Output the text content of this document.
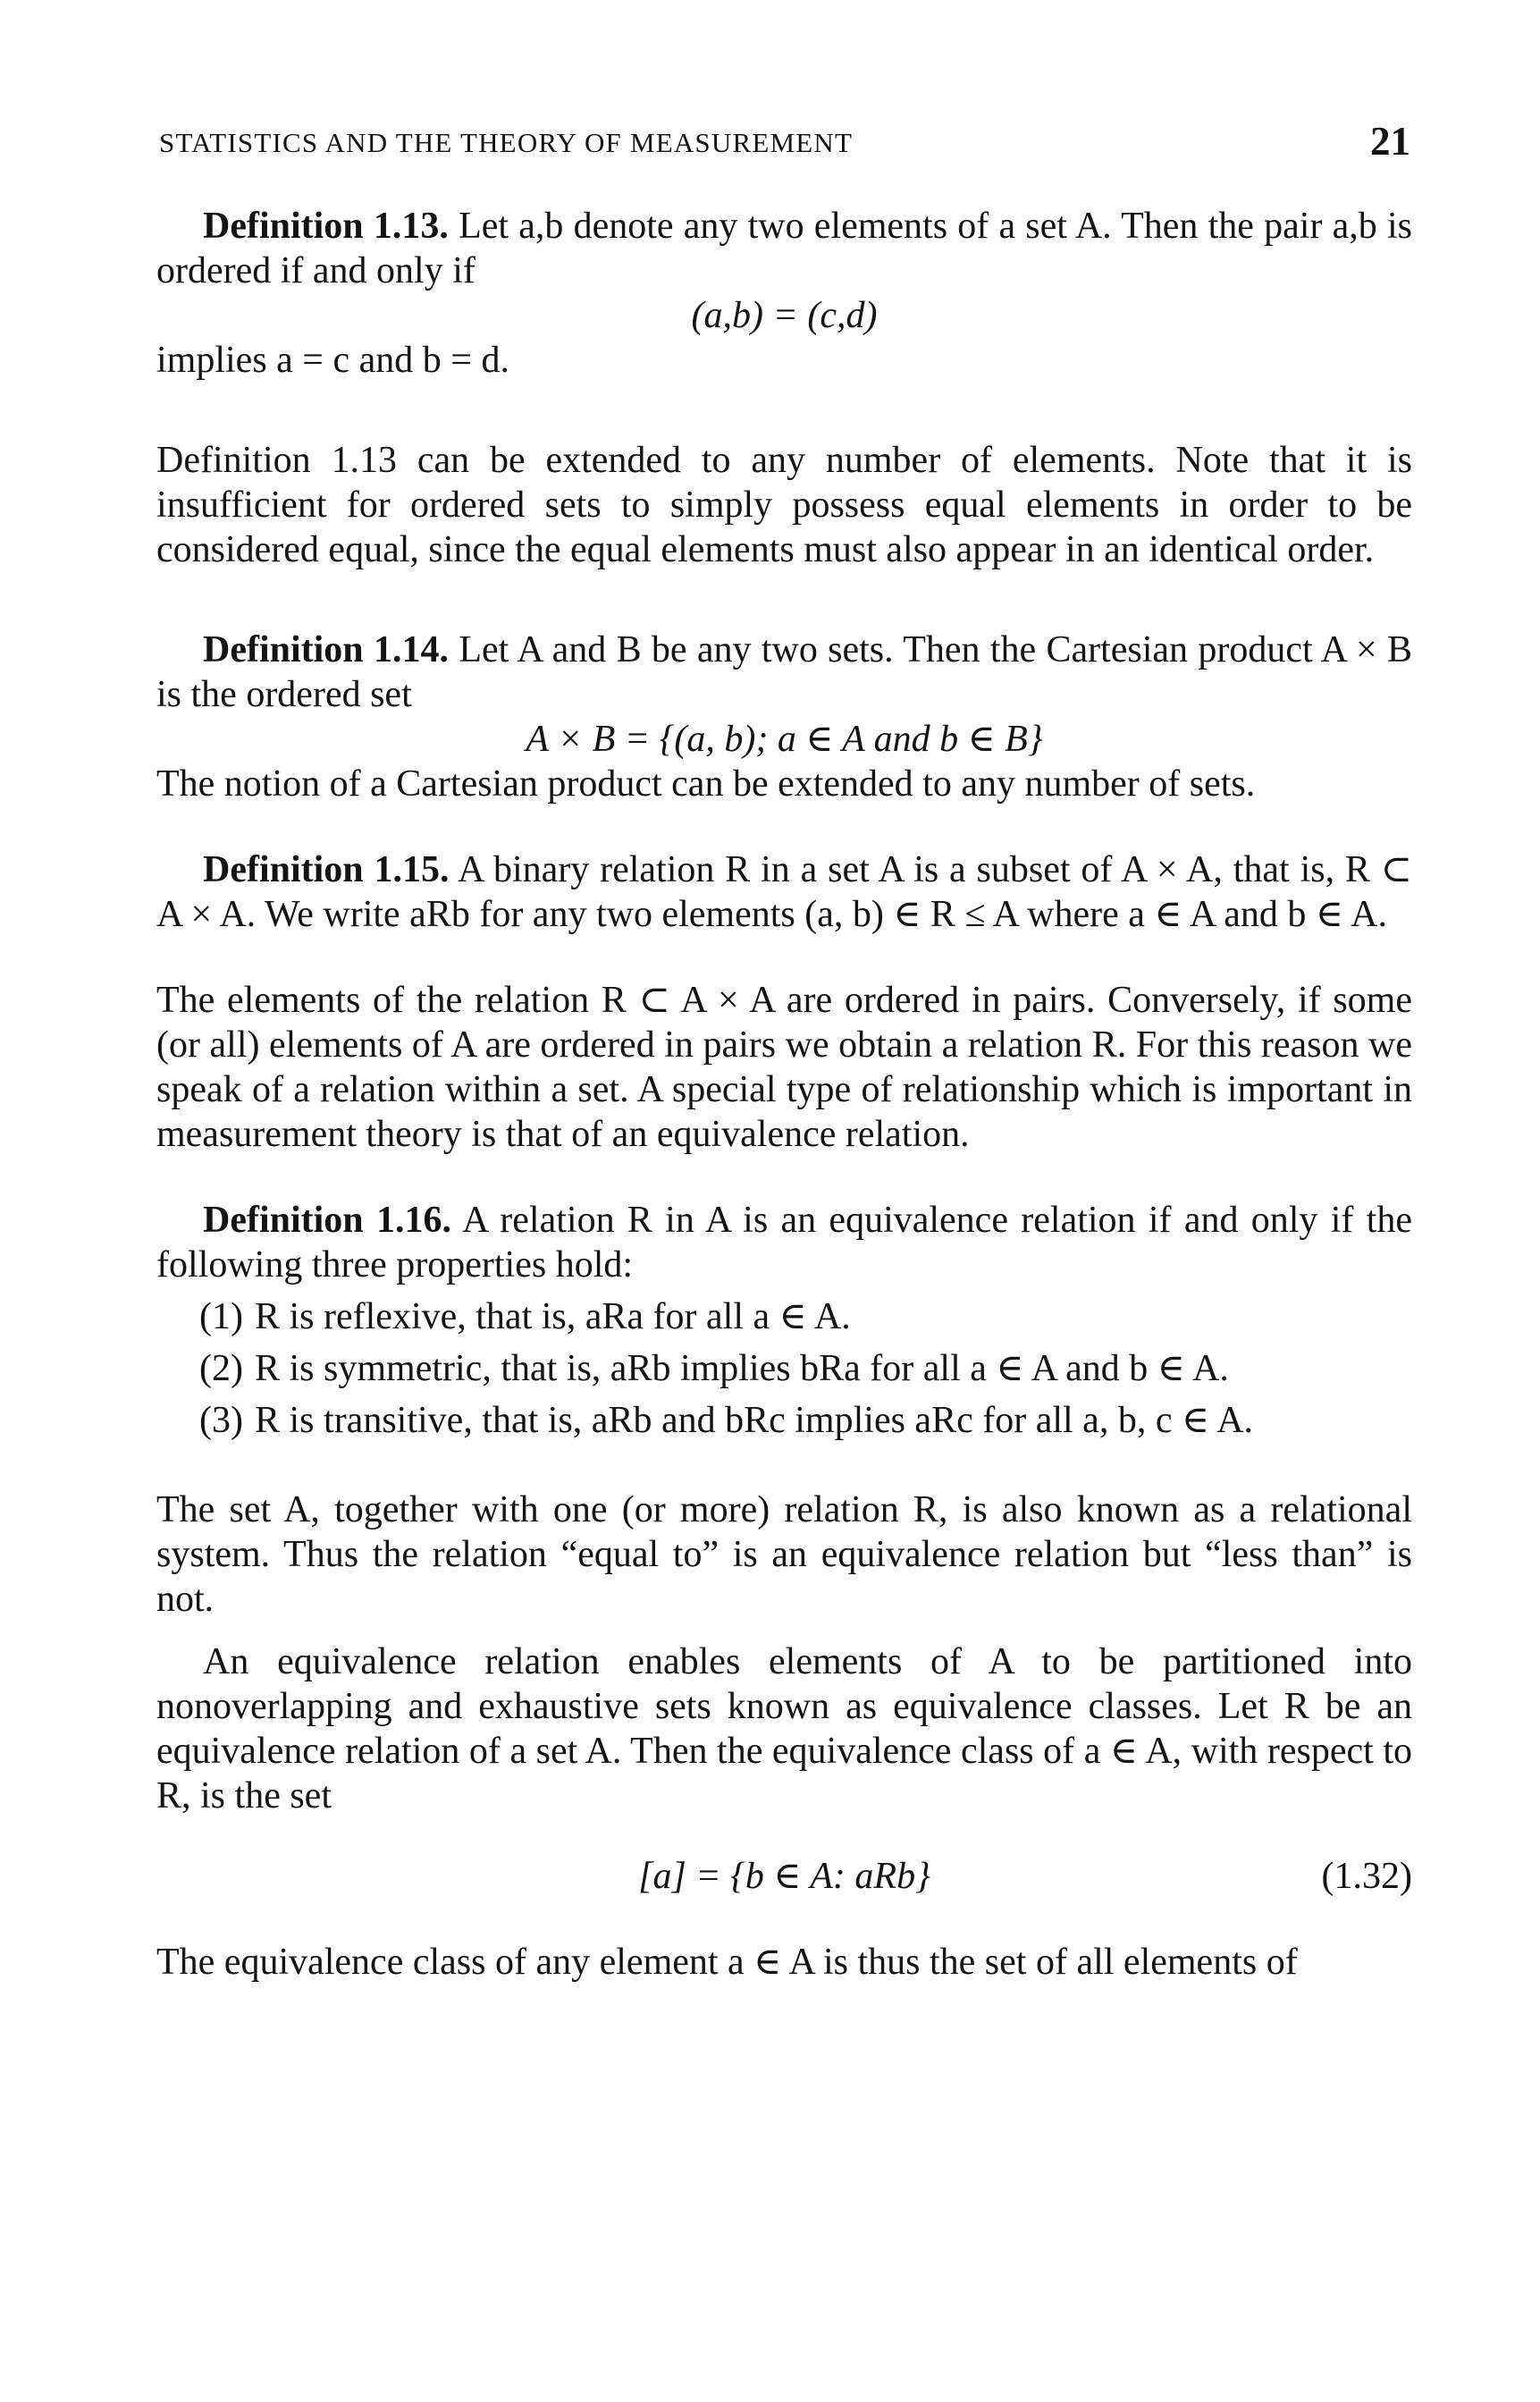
STATISTICS AND THE THEORY OF MEASUREMENT	21

Definition 1.13. Let a,b denote any two elements of a set A. Then the pair a,b is ordered if and only if

(a,b) = (c,d)

implies a = c and b = d.

Definition 1.13 can be extended to any number of elements. Note that it is insufficient for ordered sets to simply possess equal elements in order to be considered equal, since the equal elements must also appear in an identical order.

Definition 1.14. Let A and B be any two sets. Then the Cartesian product A × B is the ordered set

A × B = {(a, b); a ∈ A and b ∈ B}

The notion of a Cartesian product can be extended to any number of sets.

Definition 1.15. A binary relation R in a set A is a subset of A × A, that is, R ⊂ A × A. We write aRb for any two elements (a, b) ∈ R ≤ A where a ∈ A and b ∈ A.

The elements of the relation R ⊂ A × A are ordered in pairs. Conversely, if some (or all) elements of A are ordered in pairs we obtain a relation R. For this reason we speak of a relation within a set. A special type of relationship which is important in measurement theory is that of an equivalence relation.

Definition 1.16. A relation R in A is an equivalence relation if and only if the following three properties hold:

(1) R is reflexive, that is, aRa for all a ∈ A.
(2) R is symmetric, that is, aRb implies bRa for all a ∈ A and b ∈ A.
(3) R is transitive, that is, aRb and bRc implies aRc for all a, b, c ∈ A.

The set A, together with one (or more) relation R, is also known as a relational system. Thus the relation “equal to” is an equivalence relation but “less than” is not.

An equivalence relation enables elements of A to be partitioned into nonoverlapping and exhaustive sets known as equivalence classes. Let R be an equivalence relation of a set A. Then the equivalence class of a ∈ A, with respect to R, is the set

[a] = {b ∈ A: aRb}	(1.32)

The equivalence class of any element a ∈ A is thus the set of all elements of
